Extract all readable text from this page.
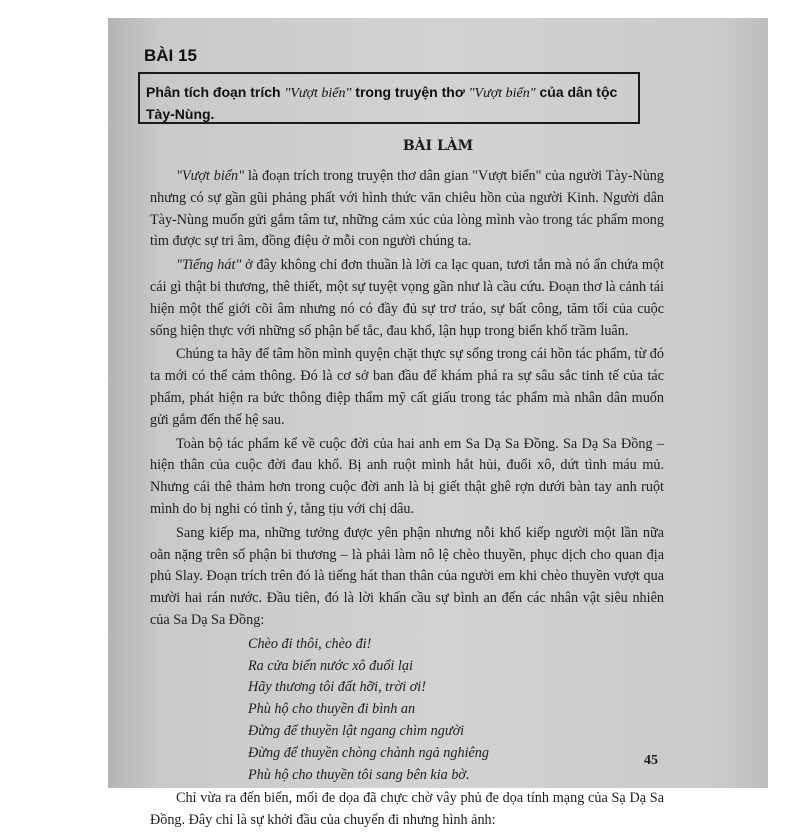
BÀI 15
Phân tích đoạn trích "Vượt biển" trong truyện thơ "Vượt biển" của dân tộc Tày-Nùng.
BÀI LÀM

"Vượt biển" là đoạn trích trong truyện thơ dân gian "Vượt biển" của người Tày-Nùng nhưng có sự gần gũi phảng phất với hình thức văn chiêu hồn của người Kinh. Người dân Tày-Nùng muốn gửi gắm tâm tư, những cảm xúc của lòng mình vào trong tác phẩm mong tìm được sự tri âm, đồng điệu ở mỗi con người chúng ta.

"Tiếng hát" ở đây không chỉ đơn thuần là lời ca lạc quan, tươi tắn mà nó ẩn chứa một cái gì thật bi thương, thê thiết, một sự tuyệt vọng gần như là cầu cứu. Đoạn thơ là cảnh tái hiện một thế giới cõi âm nhưng nó có đầy đủ sự trơ tráo, sự bất công, tăm tối của cuộc sống hiện thực với những số phận bế tắc, đau khổ, lận hụp trong biển khổ trầm luân.

Chúng ta hãy để tâm hồn mình quyện chặt thực sự sống trong cái hồn tác phẩm, từ đó ta mới có thể cảm thông. Đó là cơ sở ban đầu để khám phá ra sự sâu sắc tinh tế của tác phẩm, phát hiện ra bức thông điệp thẩm mỹ cất giấu trong tác phẩm mà nhân dân muốn gửi gắm đến thế hệ sau.

Toàn bộ tác phẩm kể về cuộc đời của hai anh em Sa Dạ Sa Đồng. Sa Dạ Sa Đồng – hiện thân của cuộc đời đau khổ. Bị anh ruột mình hắt hủi, đuổi xô, dứt tình máu mủ. Nhưng cái thê thảm hơn trong cuộc đời anh là bị giết thật ghê rợn dưới bàn tay anh ruột mình do bị nghi có tình ý, tằng tịu với chị dâu.

Sang kiếp ma, những tưởng được yên phận nhưng nỗi khổ kiếp người một lần nữa oằn nặng trên số phận bi thương – là phải làm nô lệ chèo thuyền, phục dịch cho quan địa phủ Slay. Đoạn trích trên đó là tiếng hát than thân của người em khi chèo thuyền vượt qua mười hai rán nước. Đầu tiên, đó là lời khấn cầu sự bình an đến các nhân vật siêu nhiên của Sa Dạ Sa Đồng:

Chèo đi thôi, chèo đi!
Ra cửa biển nước xô đuổi lại
Hãy thương tôi đất hỡi, trời ơi!
Phù hộ cho thuyền đi bình an
Đừng để thuyền lật ngang chìm người
Đừng để thuyền chòng chành ngả nghiêng
Phù hộ cho thuyền tôi sang bên kia bờ.

Chỉ vừa ra đến biển, mối đe dọa đã chực chờ vây phủ đe dọa tính mạng của Sạ Dạ Sa Đồng. Đây chỉ là sự khởi đầu của chuyến đi nhưng hình ảnh:

45
